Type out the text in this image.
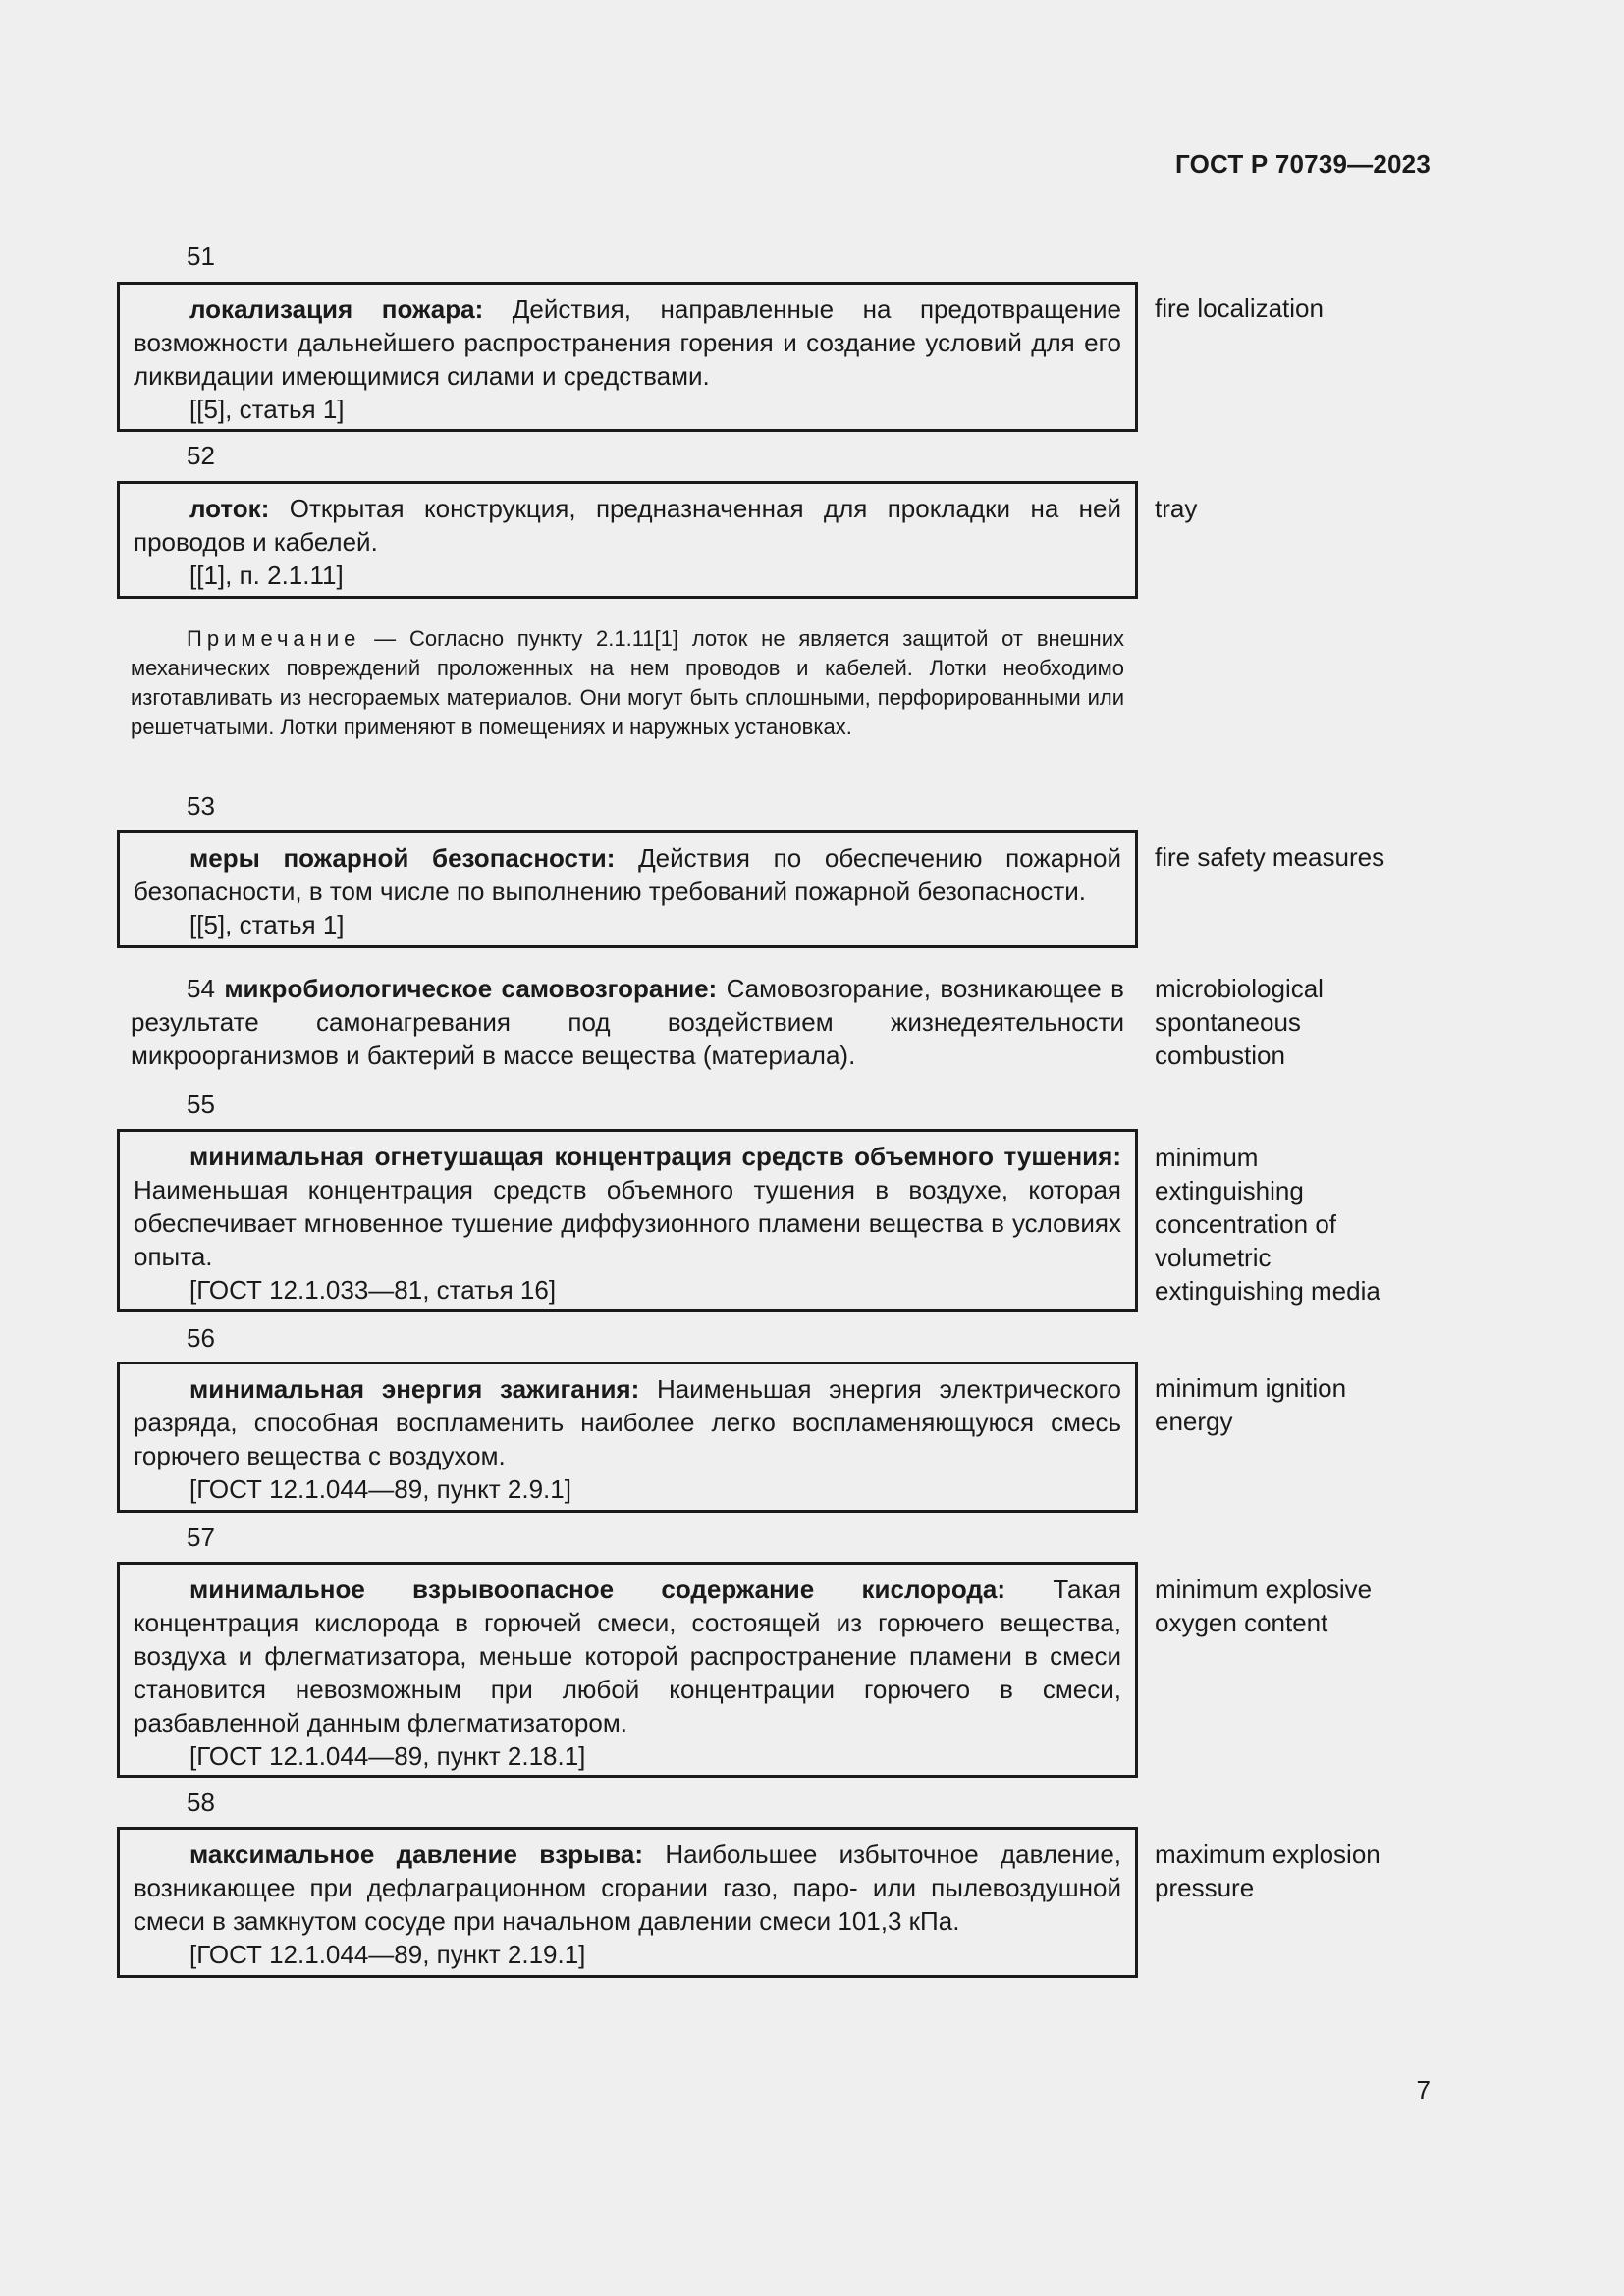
ГОСТ Р 70739—2023
51

локализация пожара: Действия, направленные на предотвращение возможности дальнейшего распространения горения и создание условий для его ликвидации имеющимися силами и средствами.

[[5], статья 1]

fire localization
52

лоток: Открытая конструкция, предназначенная для прокладки на ней проводов и кабелей.

[[1], п. 2.1.11]

tray

Примечание — Согласно пункту 2.1.11[1] лоток не является защитой от внешних механических повреждений проложенных на нем проводов и кабелей. Лотки необходимо изготавливать из несгораемых материалов. Они могут быть сплошными, перфорированными или решетчатыми. Лотки применяют в помещениях и наружных установках.

53

меры пожарной безопасности: Действия по обеспечению пожарной безопасности, в том числе по выполнению требований пожарной безопасности.

[[5], статья 1]

fire safety measures

54 микробиологическое самовозгорание: Самовозгорание, возникающее в результате самонагревания под воздействием жизнедеятельности микроорганизмов и бактерий в массе вещества (материала).

microbiological spontaneous combustion
55

минимальная огнетушащая концентрация средств объемного тушения: Наименьшая концентрация средств объемного тушения в воздухе, которая обеспечивает мгновенное тушение диффузионного пламени вещества в условиях опыта.

[ГОСТ 12.1.033—81, статья 16]

minimum extinguishing concentration of volumetric extinguishing media
56

минимальная энергия зажигания: Наименьшая энергия электрического разряда, способная воспламенить наиболее легко воспламеняющуюся смесь горючего вещества с воздухом.

[ГОСТ 12.1.044—89, пункт 2.9.1]

minimum ignition energy
57

минимальное взрывоопасное содержание кислорода: Такая концентрация кислорода в горючей смеси, состоящей из горючего вещества, воздуха и флегматизатора, меньше которой распространение пламени в смеси становится невозможным при любой концентрации горючего в смеси, разбавленной данным флегматизатором.

[ГОСТ 12.1.044—89, пункт 2.18.1]

minimum explosive oxygen content
58

максимальное давление взрыва: Наибольшее избыточное давление, возникающее при дефлаграционном сгорании газо, паро- или пылевоздушной смеси в замкнутом сосуде при начальном давлении смеси 101,3 кПа.

[ГОСТ 12.1.044—89, пункт 2.19.1]

maximum explosion pressure
7
